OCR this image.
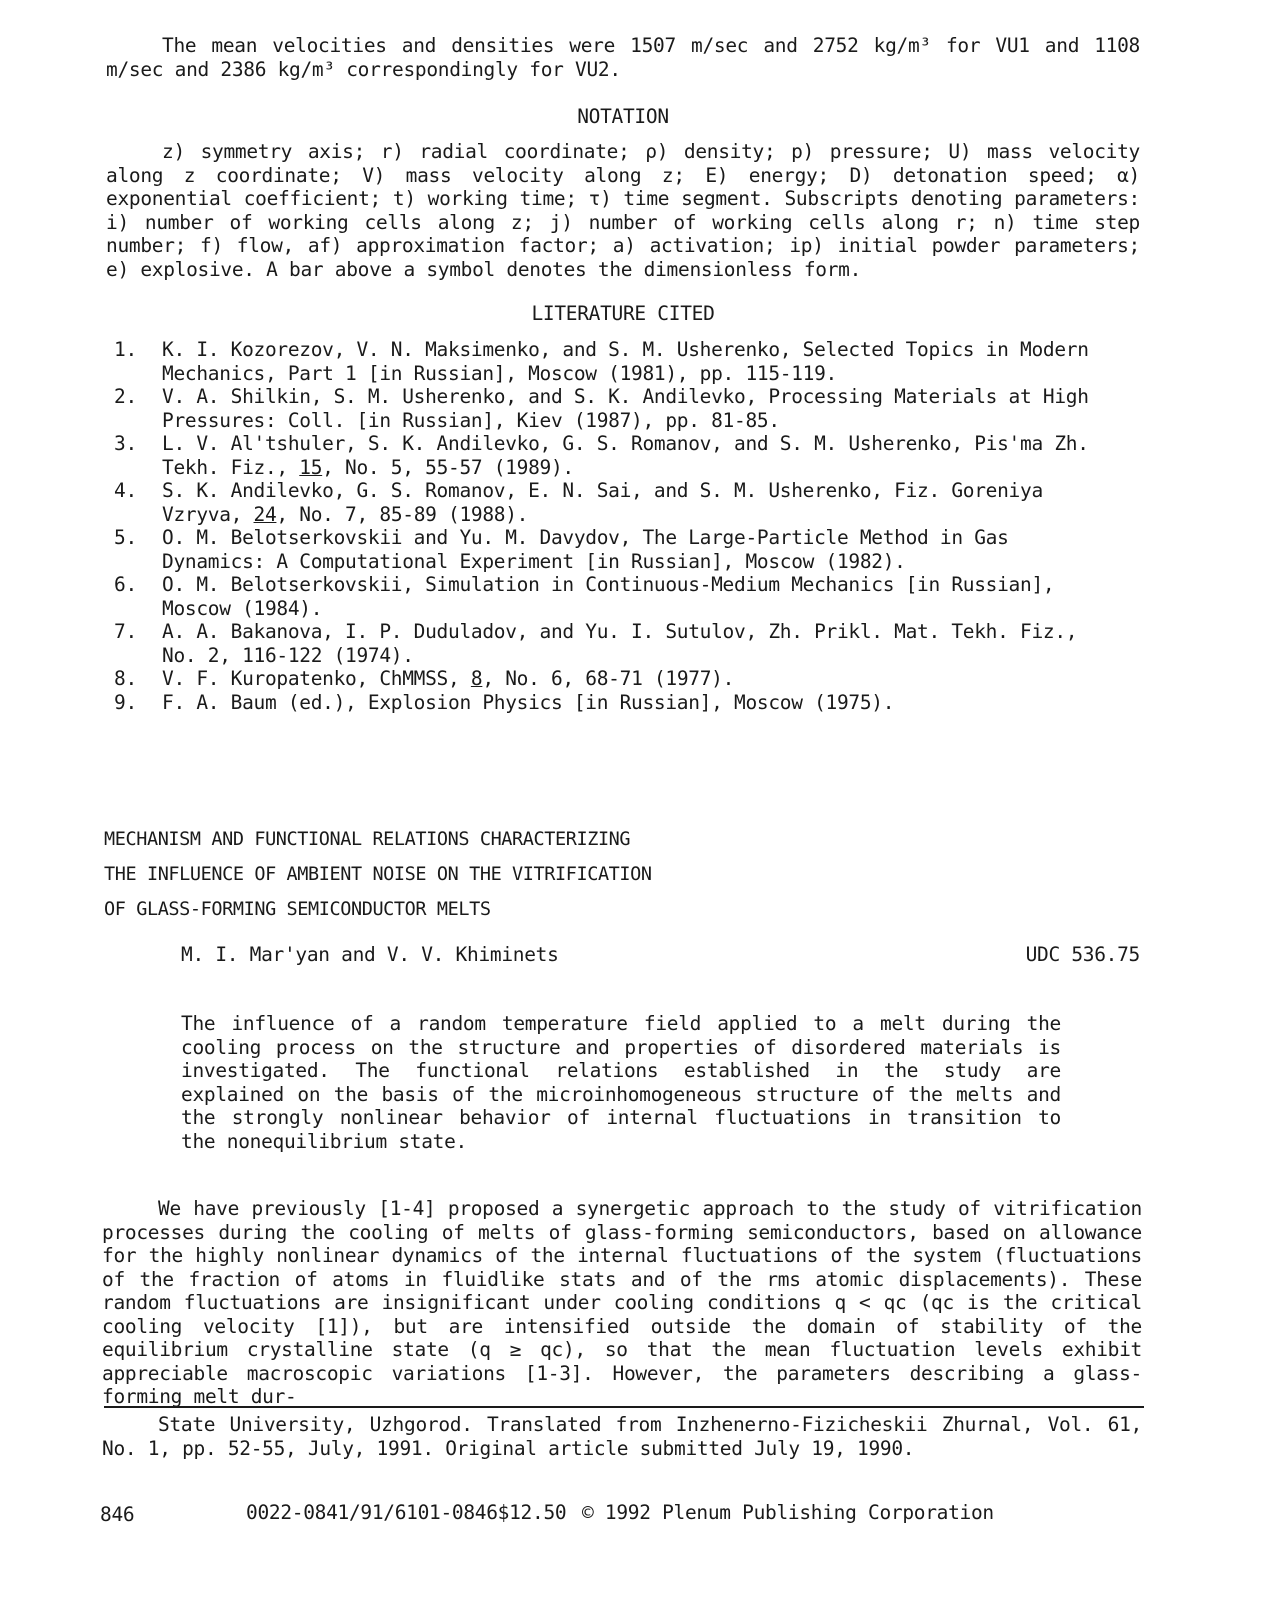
The mean velocities and densities were 1507 m/sec and 2752 kg/m³ for VU1 and 1108 m/sec and 2386 kg/m³ correspondingly for VU2.
NOTATION
z) symmetry axis; r) radial coordinate; ρ) density; p) pressure; U) mass velocity along z coordinate; V) mass velocity along z; E) energy; D) detonation speed; α) exponential coefficient; t) working time; τ) time segment. Subscripts denoting parameters: i) number of working cells along z; j) number of working cells along r; n) time step number; f) flow, af) approximation factor; a) activation; ip) initial powder parameters; e) explosive. A bar above a symbol denotes the dimensionless form.
LITERATURE CITED
1. K. I. Kozorezov, V. N. Maksimenko, and S. M. Usherenko, Selected Topics in Modern Mechanics, Part 1 [in Russian], Moscow (1981), pp. 115-119.
2. V. A. Shilkin, S. M. Usherenko, and S. K. Andilevko, Processing Materials at High Pressures: Coll. [in Russian], Kiev (1987), pp. 81-85.
3. L. V. Al'tshuler, S. K. Andilevko, G. S. Romanov, and S. M. Usherenko, Pis'ma Zh. Tekh. Fiz., 15, No. 5, 55-57 (1989).
4. S. K. Andilevko, G. S. Romanov, E. N. Sai, and S. M. Usherenko, Fiz. Goreniya Vzryva, 24, No. 7, 85-89 (1988).
5. O. M. Belotserkovskii and Yu. M. Davydov, The Large-Particle Method in Gas Dynamics: A Computational Experiment [in Russian], Moscow (1982).
6. O. M. Belotserkovskii, Simulation in Continuous-Medium Mechanics [in Russian], Moscow (1984).
7. A. A. Bakanova, I. P. Duduladov, and Yu. I. Sutulov, Zh. Prikl. Mat. Tekh. Fiz., No. 2, 116-122 (1974).
8. V. F. Kuropatenko, ChMMSS, 8, No. 6, 68-71 (1977).
9. F. A. Baum (ed.), Explosion Physics [in Russian], Moscow (1975).
MECHANISM AND FUNCTIONAL RELATIONS CHARACTERIZING
THE INFLUENCE OF AMBIENT NOISE ON THE VITRIFICATION
OF GLASS-FORMING SEMICONDUCTOR MELTS
M. I. Mar'yan and V. V. Khiminets	UDC 536.75
The influence of a random temperature field applied to a melt during the cooling process on the structure and properties of disordered materials is investigated. The functional relations established in the study are explained on the basis of the microinhomogeneous structure of the melts and the strongly nonlinear behavior of internal fluctuations in transition to the nonequilibrium state.
We have previously [1-4] proposed a synergetic approach to the study of vitrification processes during the cooling of melts of glass-forming semiconductors, based on allowance for the highly nonlinear dynamics of the internal fluctuations of the system (fluctuations of the fraction of atoms in fluidlike stats and of the rms atomic displacements). These random fluctuations are insignificant under cooling conditions q < qc (qc is the critical cooling velocity [1]), but are intensified outside the domain of stability of the equilibrium crystalline state (q ≥ qc), so that the mean fluctuation levels exhibit appreciable macroscopic variations [1-3]. However, the parameters describing a glass-forming melt dur-
State University, Uzhgorod. Translated from Inzhenerno-Fizicheskii Zhurnal, Vol. 61, No. 1, pp. 52-55, July, 1991. Original article submitted July 19, 1990.
846	0022-0841/91/6101-0846$12.50 © 1992 Plenum Publishing Corporation
